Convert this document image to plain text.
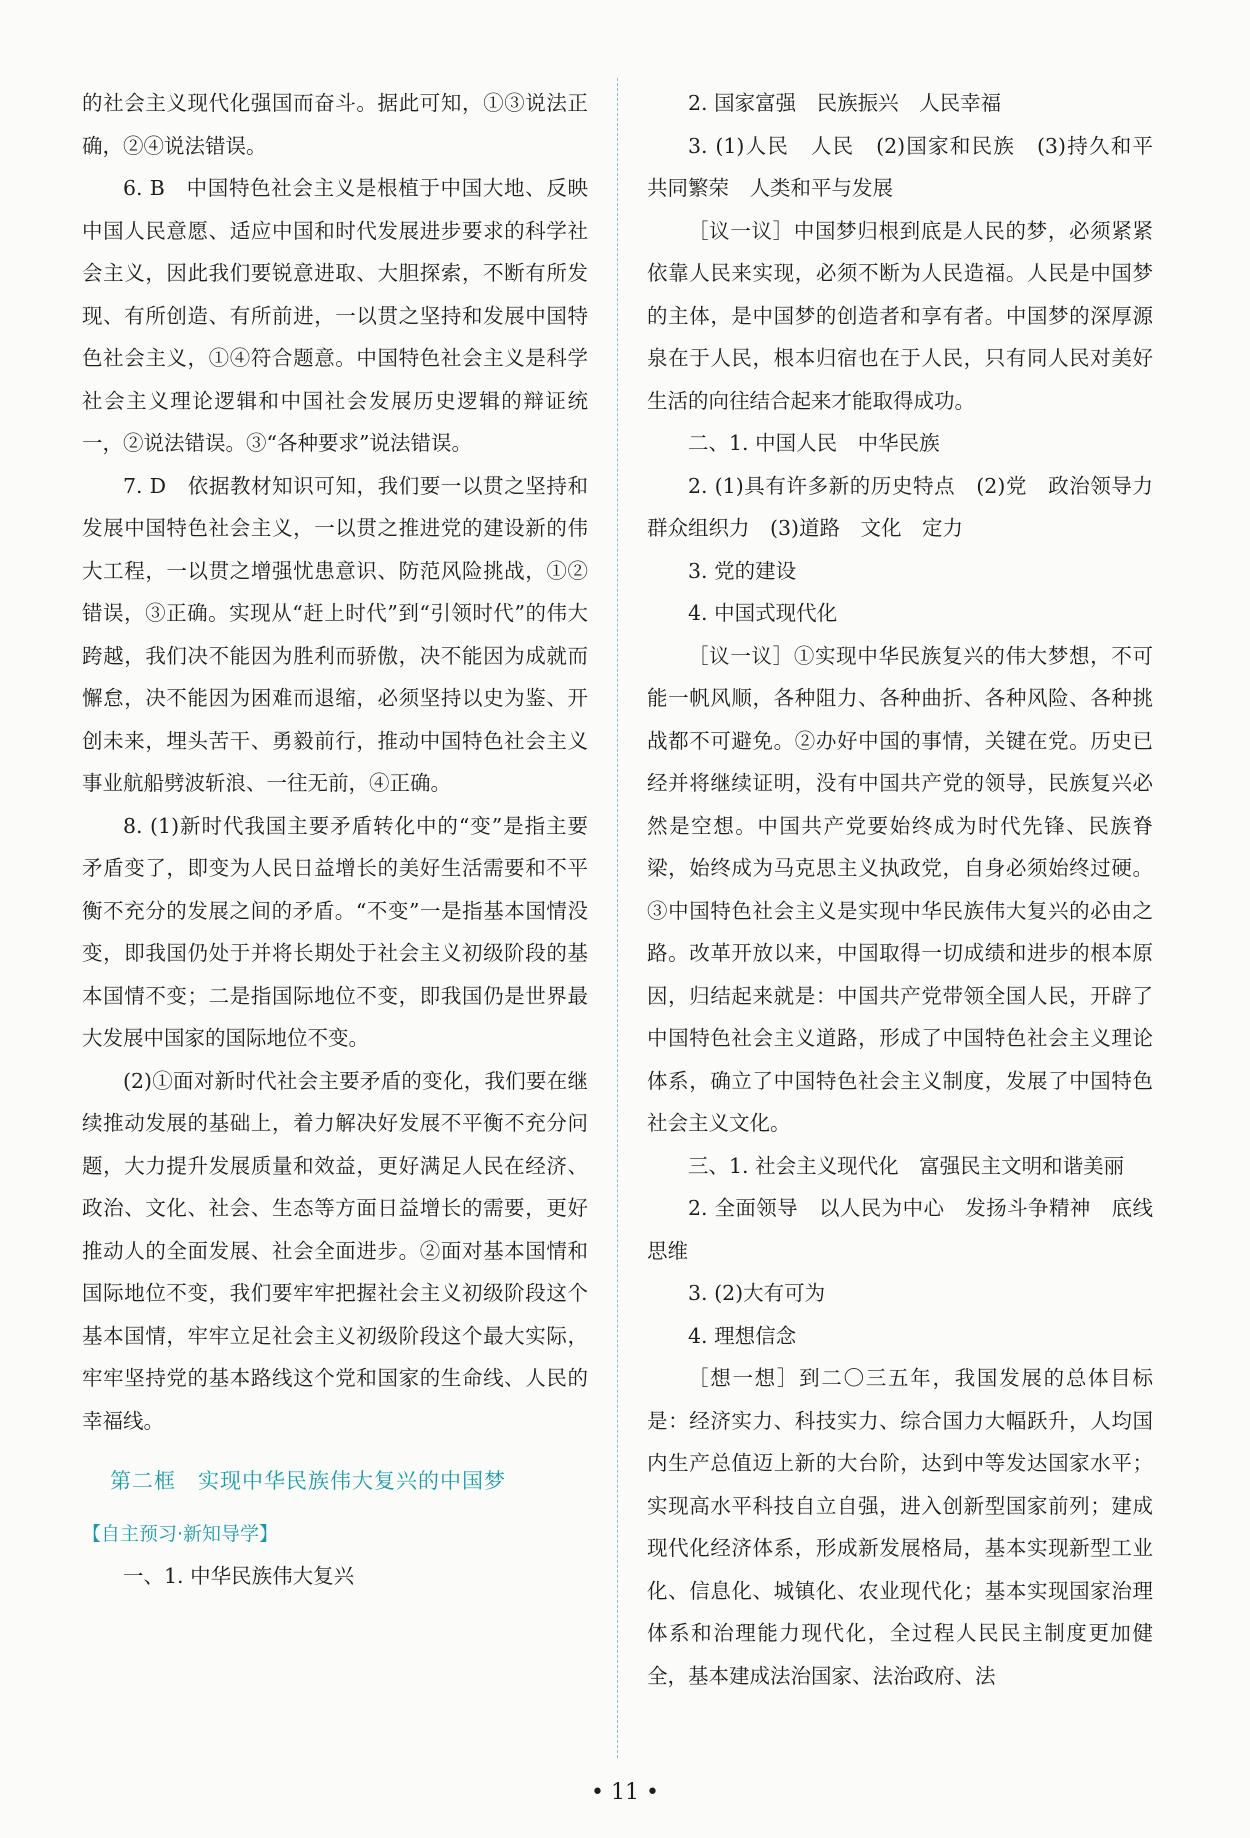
的社会主义现代化强国而奋斗。据此可知，①③说法正确，②④说法错误。

6. B　中国特色社会主义是根植于中国大地、反映中国人民意愿、适应中国和时代发展进步要求的科学社会主义，因此我们要锐意进取、大胆探索，不断有所发现、有所创造、有所前进，一以贯之坚持和发展中国特色社会主义，①④符合题意。中国特色社会主义是科学社会主义理论逻辑和中国社会发展历史逻辑的辩证统一，②说法错误。③“各种要求”说法错误。

7. D　依据教材知识可知，我们要一以贯之坚持和发展中国特色社会主义，一以贯之推进党的建设新的伟大工程，一以贯之增强忧患意识、防范风险挑战，①②错误，③正确。实现从“赶上时代”到“引领时代”的伟大跨越，我们决不能因为胜利而骄傲，决不能因为成就而懈怠，决不能因为困难而退缩，必须坚持以史为鉴、开创未来，埋头苦干、勇毅前行，推动中国特色社会主义事业航船劈波斩浪、一往无前，④正确。

8. (1)新时代我国主要矛盾转化中的“变”是指主要矛盾变了，即变为人民日益增长的美好生活需要和不平衡不充分的发展之间的矛盾。“不变”一是指基本国情没变，即我国仍处于并将长期处于社会主义初级阶段的基本国情不变；二是指国际地位不变，即我国仍是世界最大发展中国家的国际地位不变。

(2)①面对新时代社会主要矛盾的变化，我们要在继续推动发展的基础上，着力解决好发展不平衡不充分问题，大力提升发展质量和效益，更好满足人民在经济、政治、文化、社会、生态等方面日益增长的需要，更好推动人的全面发展、社会全面进步。②面对基本国情和国际地位不变，我们要牢牢把握社会主义初级阶段这个基本国情，牢牢立足社会主义初级阶段这个最大实际，牢牢坚持党的基本路线这个党和国家的生命线、人民的幸福线。

第二框　实现中华民族伟大复兴的中国梦
【自主预习·新知导学】

一、1. 中华民族伟大复兴

2. 国家富强　民族振兴　人民幸福

3. (1)人民　人民　(2)国家和民族　(3)持久和平　共同繁荣　人类和平与发展

［议一议］中国梦归根到底是人民的梦，必须紧紧依靠人民来实现，必须不断为人民造福。人民是中国梦的主体，是中国梦的创造者和享有者。中国梦的深厚源泉在于人民，根本归宿也在于人民，只有同人民对美好生活的向往结合起来才能取得成功。

二、1. 中国人民　中华民族

2. (1)具有许多新的历史特点　(2)党　政治领导力　群众组织力　(3)道路　文化　定力

3. 党的建设

4. 中国式现代化

［议一议］①实现中华民族复兴的伟大梦想，不可能一帆风顺，各种阻力、各种曲折、各种风险、各种挑战都不可避免。②办好中国的事情，关键在党。历史已经并将继续证明，没有中国共产党的领导，民族复兴必然是空想。中国共产党要始终成为时代先锋、民族脊梁，始终成为马克思主义执政党，自身必须始终过硬。③中国特色社会主义是实现中华民族伟大复兴的必由之路。改革开放以来，中国取得一切成绩和进步的根本原因，归结起来就是：中国共产党带领全国人民，开辟了中国特色社会主义道路，形成了中国特色社会主义理论体系，确立了中国特色社会主义制度，发展了中国特色社会主义文化。

三、1. 社会主义现代化　富强民主文明和谐美丽

2. 全面领导　以人民为中心　发扬斗争精神　底线思维

3. (2)大有可为

4. 理想信念

［想一想］到二〇三五年，我国发展的总体目标是：经济实力、科技实力、综合国力大幅跃升，人均国内生产总值迈上新的大台阶，达到中等发达国家水平；实现高水平科技自立自强，进入创新型国家前列；建成现代化经济体系，形成新发展格局，基本实现新型工业化、信息化、城镇化、农业现代化；基本实现国家治理体系和治理能力现代化，全过程人民民主制度更加健全，基本建成法治国家、法治政府、法

• 11 •
